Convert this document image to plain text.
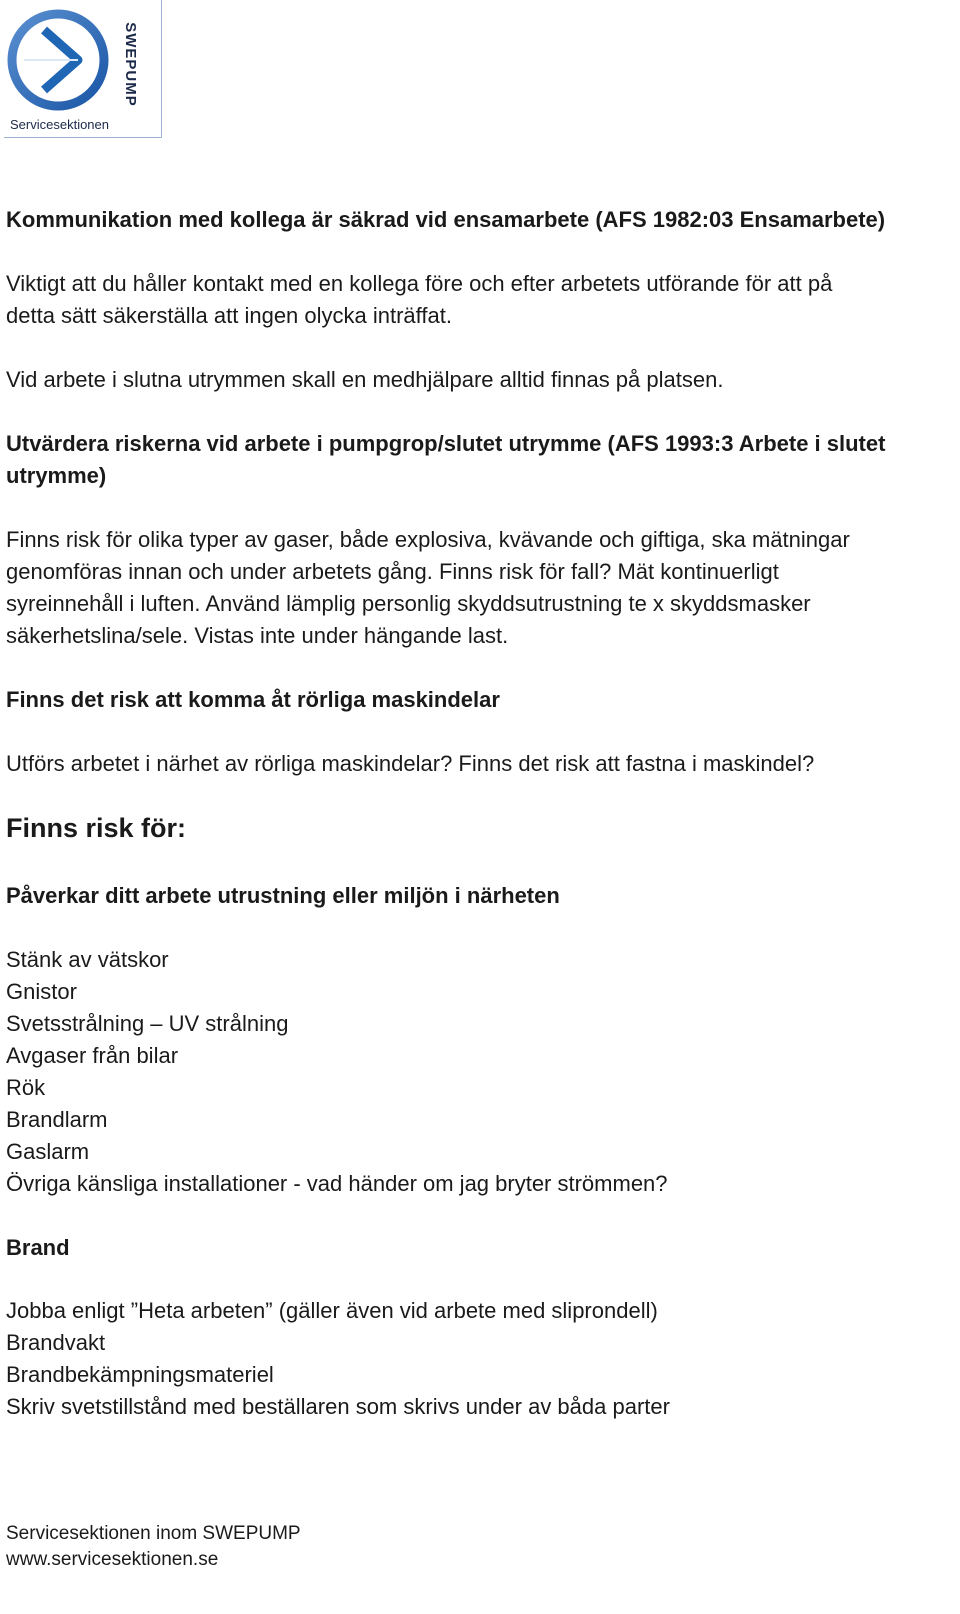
SWEPUMP
Servicesektionen
Kommunikation med kollega är säkrad vid ensamarbete (AFS 1982:03 Ensamarbete)
Viktigt att du håller kontakt med en kollega före och efter arbetets utförande för att på
detta sätt säkerställa att ingen olycka inträffat.
Vid arbete i slutna utrymmen skall en medhjälpare alltid finnas på platsen.
Utvärdera riskerna vid arbete i pumpgrop/slutet utrymme (AFS 1993:3 Arbete i slutet
utrymme)
Finns risk för olika typer av gaser, både explosiva, kvävande och giftiga, ska mätningar
genomföras innan och under arbetets gång. Finns risk för fall? Mät kontinuerligt
syreinnehåll i luften. Använd lämplig personlig skyddsutrustning te x skyddsmasker
säkerhetslina/sele. Vistas inte under hängande last.
Finns det risk att komma åt rörliga maskindelar
Utförs arbetet i närhet av rörliga maskindelar? Finns det risk att fastna i maskindel?
Finns risk för:
Påverkar ditt arbete utrustning eller miljön i närheten
Stänk av vätskor
Gnistor
Svetsstrålning – UV strålning
Avgaser från bilar
Rök
Brandlarm
Gaslarm
Övriga känsliga installationer - vad händer om jag bryter strömmen?
Brand
Jobba enligt ”Heta arbeten” (gäller även vid arbete med sliprondell)
Brandvakt
Brandbekämpningsmateriel
Skriv svetstillstånd med beställaren som skrivs under av båda parter
Servicesektionen inom SWEPUMP
www.servicesektionen.se
